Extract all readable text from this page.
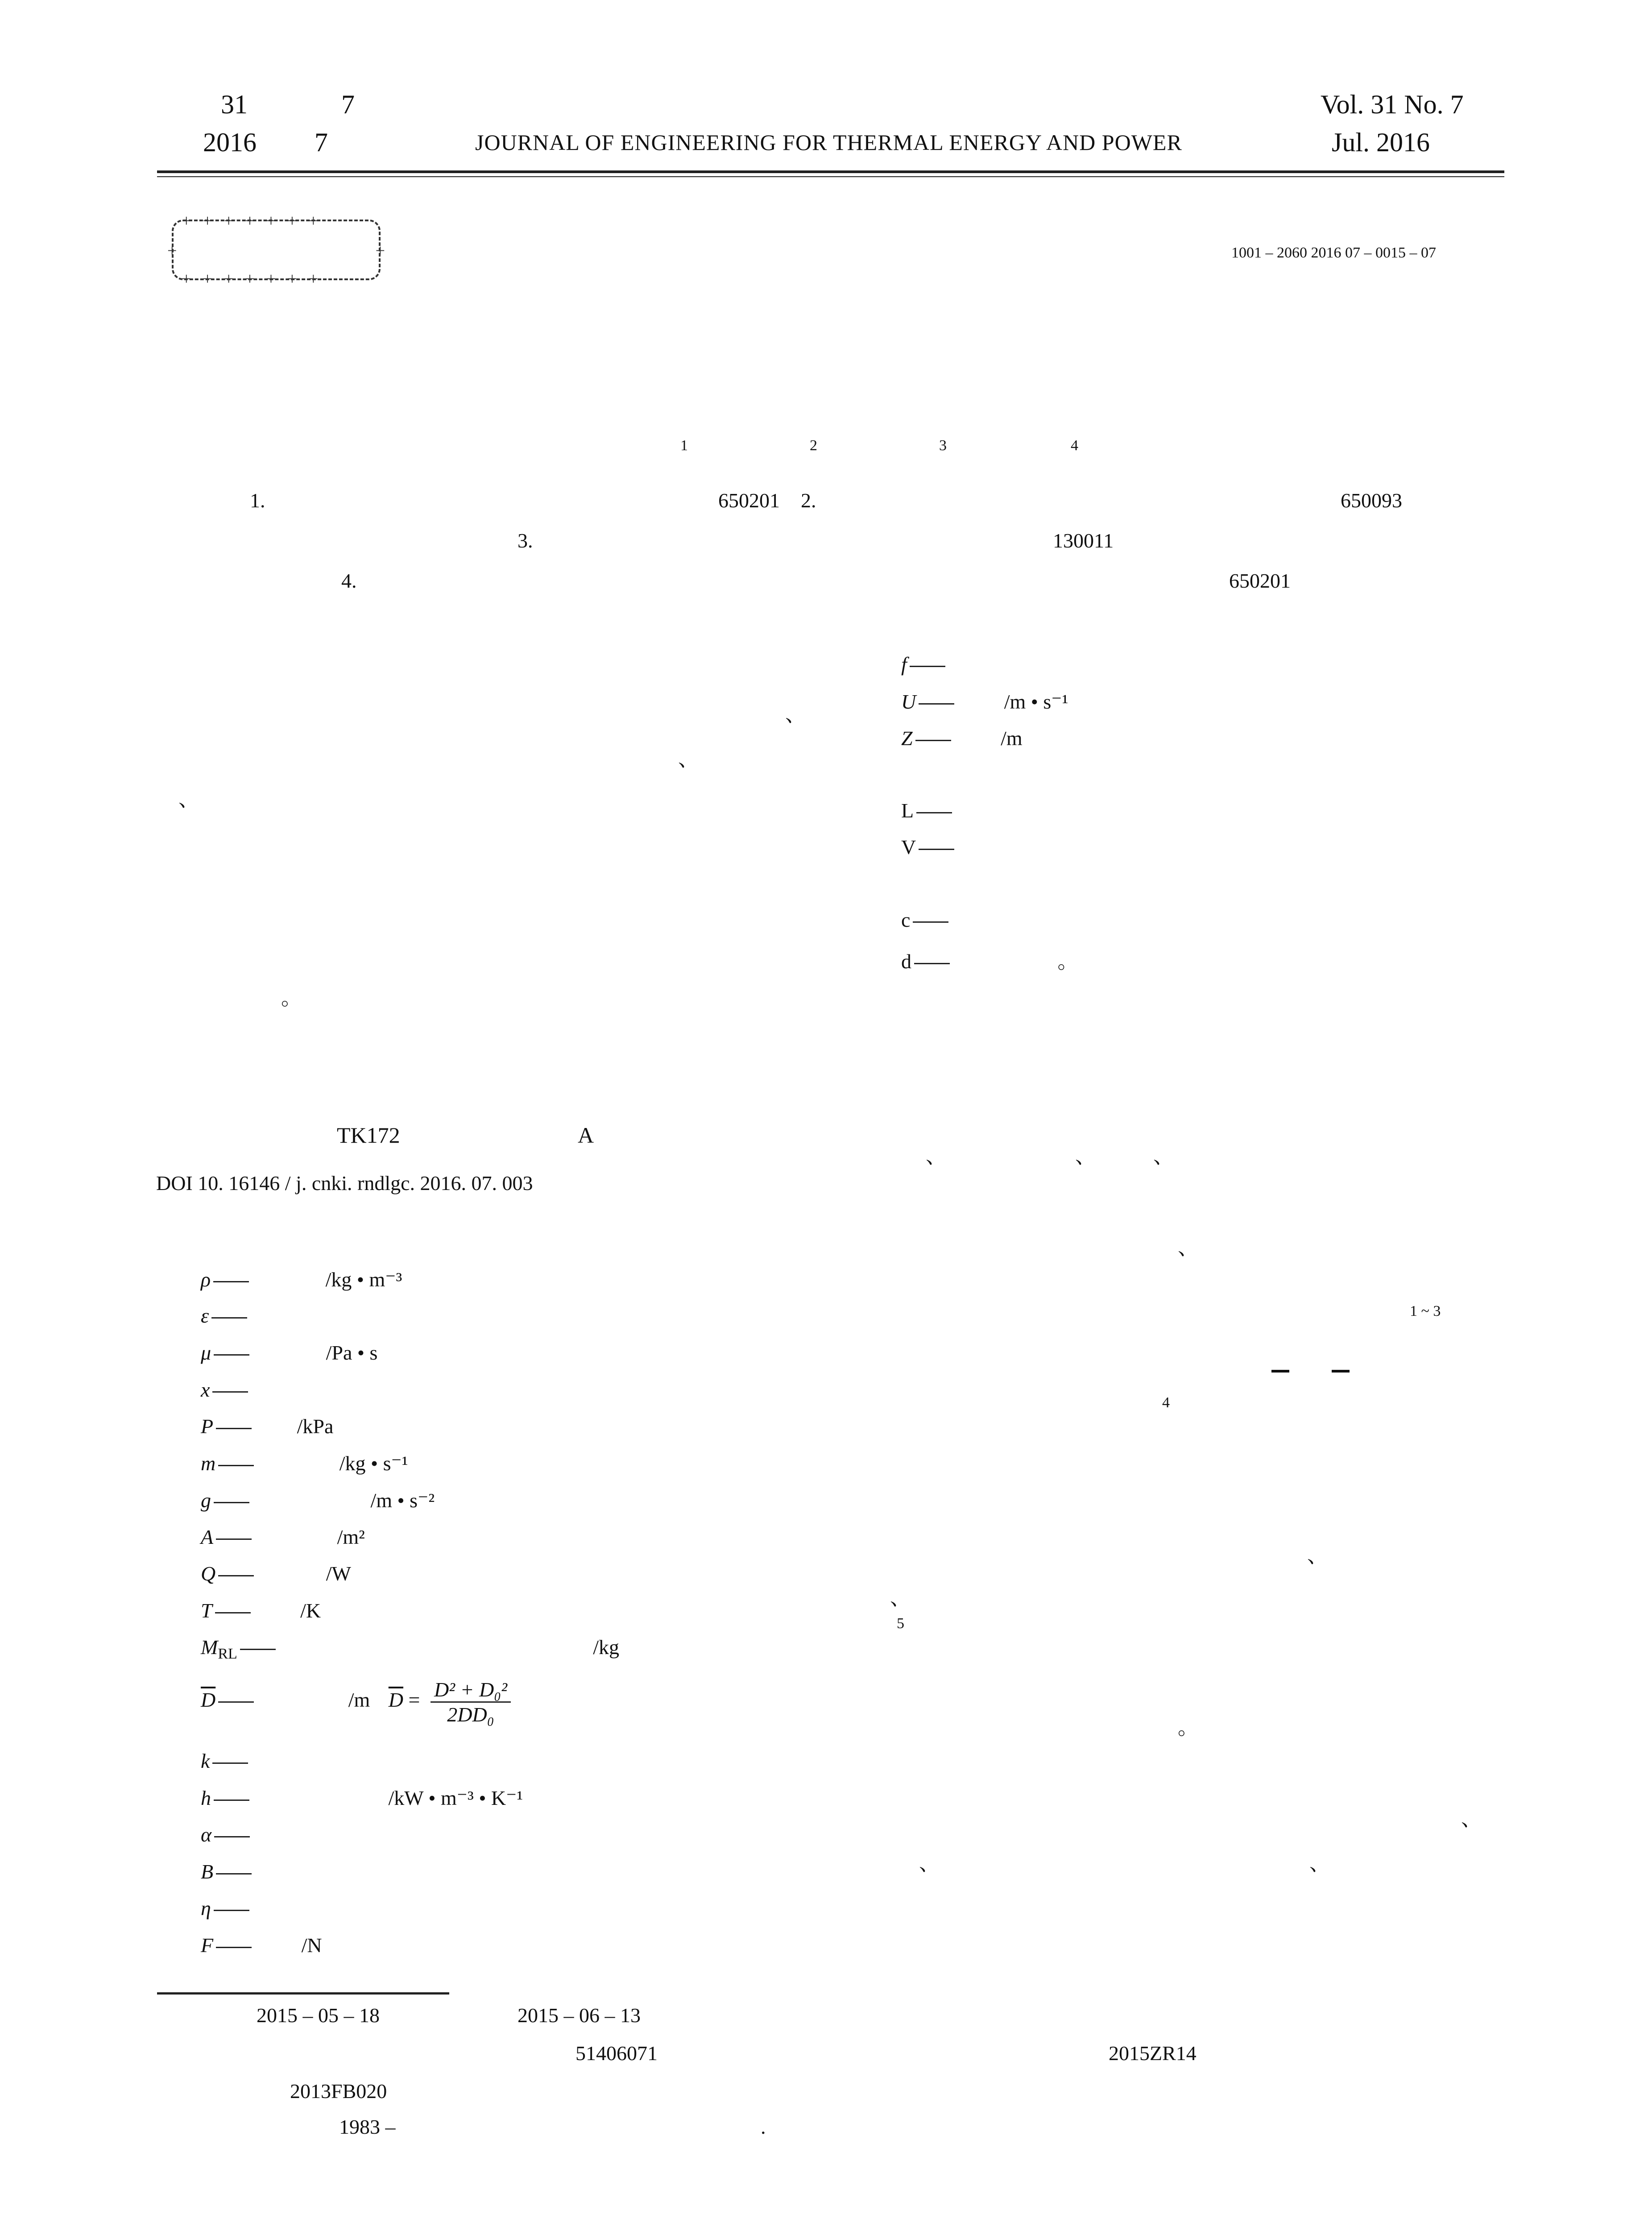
31	7
2016 7	JOURNAL OF ENGINEERING FOR THERMAL ENERGY AND POWER
Vol. 31 No. 7
Jul. 2016
+++++++
+++++++
+	+	1001 – 2060 2016 07 – 0015 – 07
1	2	3	4
1.	650201 2.	650093
3.	130011
4.	650201
、
、
、
。
TK172	A
DOI 10. 16146 / j. cnki. rndlgc. 2016. 07. 003
ρ	/kg • m⁻³
ε
μ	/Pa • s
x
P	/kPa
m	/kg • s⁻¹
g	/m • s⁻²
A	/m²
Q	/W
T	/K
$M_{RL}$	/kg
$\overline{D}$	/m $\overline{D} = \frac{\text{D² + D₀²}}{\text{2DD₀}}$
k
h	/kW • m⁻³ • K⁻¹
α
B
η
F	/N
f
U	/m • s⁻¹
Z	/m
L
V
c
d	。
、	、	、
、
1 ~ 3
4
、
、
5
。
、
、	、
2015 – 05 – 18	2015 – 06 – 13
51406071	2015ZR14
2013FB020
1983 –	.
